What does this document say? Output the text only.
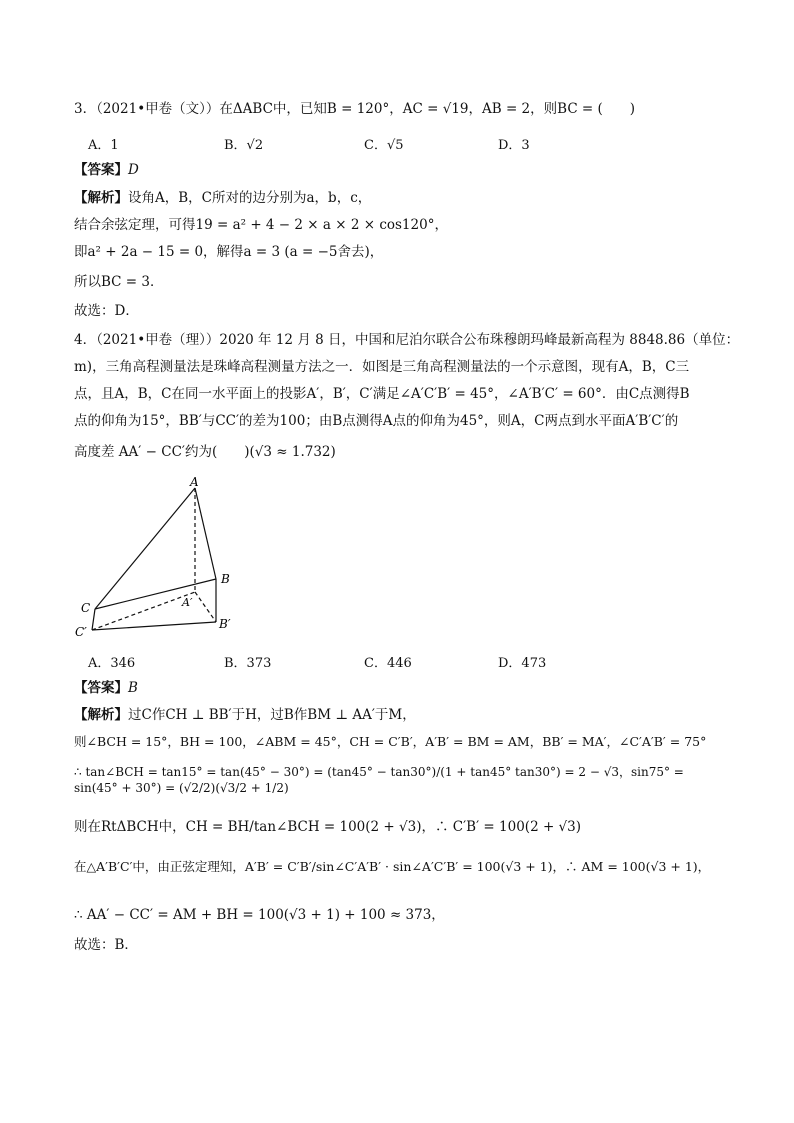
3．（2021•甲卷（文））在ΔABC中，已知B = 120°，AC = √19，AB = 2，则BC = (　　)
A．1	B．√2	C．√5	D．3
【答案】D
【解析】设角A，B，C所对的边分别为a，b，c，
结合余弦定理，可得19 = a² + 4 − 2 × a × 2 × cos120°，
即a² + 2a − 15 = 0，解得a = 3 (a = −5舍去)，
所以BC = 3．
故选：D．
4．（2021•甲卷（理））2020 年 12 月 8 日，中国和尼泊尔联合公布珠穆朗玛峰最新高程为 8848.86（单位：
m)，三角高程测量法是珠峰高程测量方法之一．如图是三角高程测量法的一个示意图，现有A，B，C三
点，且A，B，C在同一水平面上的投影A′，B′，C′满足∠A′C′B′ = 45°，∠A′B′C′ = 60°．由C点测得B
点的仰角为15°，BB′与CC′的差为100；由B点测得A点的仰角为45°，则A，C两点到水平面A′B′C′的
高度差 AA′ − CC′约为(　　)(√3 ≈ 1.732)
A
B
C	A′
B′
C′
A．346	B．373	C．446	D．473
【答案】B
【解析】过C作CH ⊥ BB′于H，过B作BM ⊥ AA′于M，
则∠BCH = 15°，BH = 100，∠ABM = 45°，CH = C′B′，A′B′ = BM = AM，BB′ = MA′，∠C′A′B′ = 75°
∴ tan∠BCH = tan15° = tan(45° − 30°) = (tan45° − tan30°)/(1 + tan45° tan30°) = 2 − √3，sin75° = sin(45° + 30°) = (√2/2)(√3/2 + 1/2)
则在RtΔBCH中，CH = BH/tan∠BCH = 100(2 + √3)，∴ C′B′ = 100(2 + √3)
在△A′B′C′中，由正弦定理知，A′B′ = C′B′/sin∠C′A′B′ · sin∠A′C′B′ = 100(√3 + 1)，∴ AM = 100(√3 + 1)，
∴ AA′ − CC′ = AM + BH = 100(√3 + 1) + 100 ≈ 373，
故选：B．
